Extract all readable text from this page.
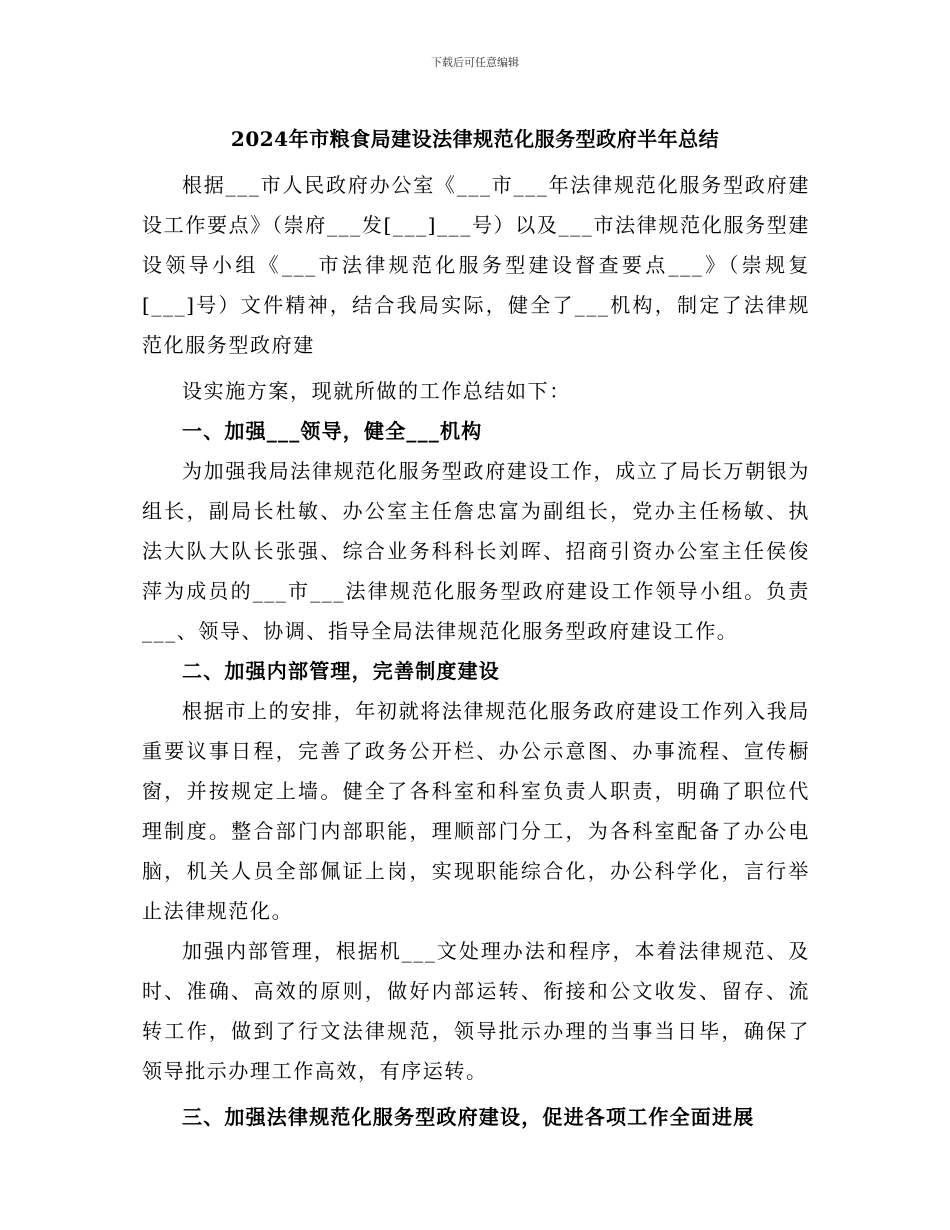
下载后可任意编辑
2024年市粮食局建设法律规范化服务型政府半年总结

根据___市人民政府办公室《___市___年法律规范化服务型政府建设工作要点》（崇府___发[___]___号）以及___市法律规范化服务型建设领导小组《___市法律规范化服务型建设督查要点___》（崇规复[___]号）文件精神，结合我局实际，健全了___机构，制定了法律规范化服务型政府建

设实施方案，现就所做的工作总结如下：

一、加强___领导，健全___机构

为加强我局法律规范化服务型政府建设工作，成立了局长万朝银为组长，副局长杜敏、办公室主任詹忠富为副组长，党办主任杨敏、执法大队大队长张强、综合业务科科长刘晖、招商引资办公室主任侯俊萍为成员的___市___法律规范化服务型政府建设工作领导小组。负责___、领导、协调、指导全局法律规范化服务型政府建设工作。

二、加强内部管理，完善制度建设

根据市上的安排，年初就将法律规范化服务政府建设工作列入我局重要议事日程，完善了政务公开栏、办公示意图、办事流程、宣传橱窗，并按规定上墙。健全了各科室和科室负责人职责，明确了职位代理制度。整合部门内部职能，理顺部门分工，为各科室配备了办公电脑，机关人员全部佩证上岗，实现职能综合化，办公科学化，言行举止法律规范化。

加强内部管理，根据机___文处理办法和程序，本着法律规范、及时、准确、高效的原则，做好内部运转、衔接和公文收发、留存、流转工作，做到了行文法律规范，领导批示办理的当事当日毕，确保了领导批示办理工作高效，有序运转。

三、加强法律规范化服务型政府建设，促进各项工作全面进展
